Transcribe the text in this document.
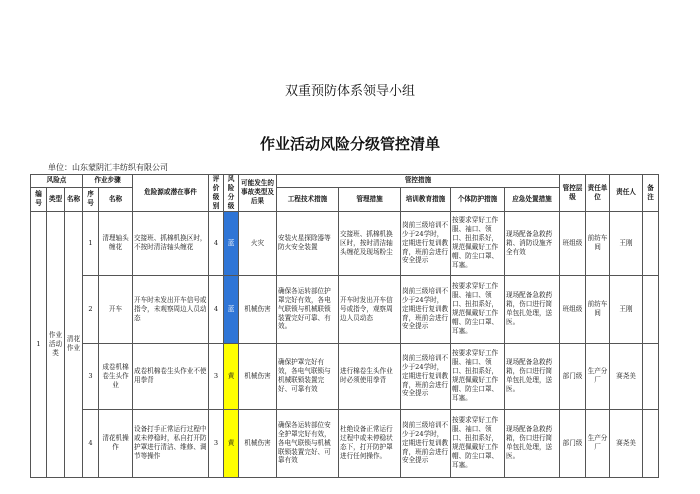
双重预防体系领导小组
作业活动风险分级管控清单
单位：山东蒙阴汇丰纺织有限公司
风险点			作业步骤		危险源或潜在事件	评价级别	风险分级	可能发生的事故类型及后果	管控措施					管控层级	责任单位	责任人	备注
编号	类型	名称	序号	名称					工程技术措施	管理措施	培训教育措施	个体防护措施	应急处置措施				
1	作业活动类	清花作业	1	清理轴头缠花	交接班、抓棉机换区时，不按时清洁轴头缠花	4	蓝	火灾	安装火星探除器等防火安全装置	交接班、抓棉机换区时，按时清洁轴头缠花及现场粉尘	岗前三级培训不少于24学时，定期进行复训教育，班前会进行安全提示	按要求穿好工作服、袖口、领口、扭扣系好，规范佩戴好工作帽、防尘口罩、耳塞。	现场配备急救药箱、消防设施齐全有效	班组级	前纺车间	王刚	
			2	开车	开车时未发出开车信号或指令，未观察周边人员动态	4	蓝	机械伤害	确保各运转部位护罩完好有效，各电气联锁与机械联锁装置完好可靠、有效。	开车时发出开车信号或指令，观察周边人员动态	岗前三级培训不少于24学时，定期进行复训教育，班前会进行安全提示	按要求穿好工作服、袖口、领口、扭扣系好，规范佩戴好工作帽、防尘口罩、耳塞。	现场配备急救药箱，伤口进行简单包扎处理，送医。	班组级	前纺车间	王刚	
			3	成卷机棉卷生头作业	成卷机棉卷生头作业不使用拳背	3	黄	机械伤害	确保护罩完好有效，各电气联锁与机械联锁装置完好、可靠有效	进行棉卷生头作业时必须使用拳背	岗前三级培训不少于24学时，定期进行复训教育，班前会进行安全提示	按要求穿好工作服、袖口、领口、扭扣系好，规范佩戴好工作帽、防尘口罩、耳塞。	现场配备急救药箱，伤口进行简单包扎处理，送医。	部门级	生产分厂	赛尧美	
			4	清花机操作	设备打手正常运行过程中或未停稳时，私自打开防护罩进行清洁、维修、调节等操作	3	黄	机械伤害	确保各运转部位安全护罩完好有效，各电气联锁与机械联锁装置完好、可靠有效	杜绝设备正常运行过程中或未停稳状态下，打开防护罩进行任何操作。	岗前三级培训不少于24学时，定期进行复训教育，班前会进行安全提示	按要求穿好工作服、袖口、领口、扭扣系好，规范佩戴好工作帽、防尘口罩、耳塞。	现场配备急救药箱，伤口进行简单包扎处理，送医。	部门级	生产分厂	赛尧美	
